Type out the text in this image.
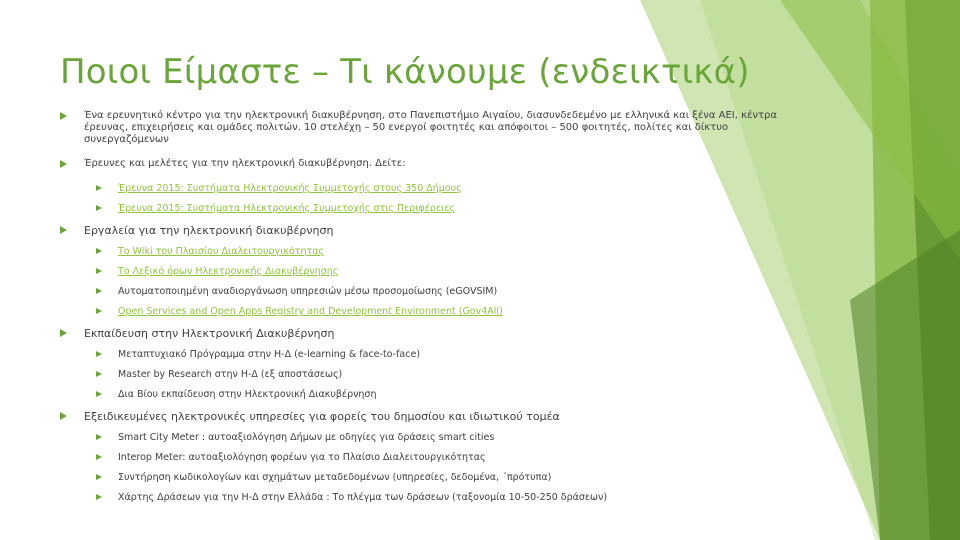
Ποιοι Είμαστε – Τι κάνουμε (ενδεικτικά)
Ένα ερευνητικό κέντρο για την ηλεκτρονική διακυβέρνηση, στο Πανεπιστήμιο Αιγαίου, διασυνδεδεμένο με ελληνικά και ξένα ΑΕΙ, κέντρα έρευνας, επιχειρήσεις και ομάδες πολιτών. 10 στελέχη – 50 ενεργοί φοιτητές και απόφοιτοι – 500 φοιτητές, πολίτες και δίκτυο συνεργαζόμενων
Έρευνες και μελέτες για την ηλεκτρονική διακυβέρνηση. Δείτε:
Έρευνα 2015: Συστήματα Ηλεκτρονικής Συμμετοχής στους 350 Δήμους
Έρευνα 2015: Συστήματα Ηλεκτρονικής Συμμετοχής στις Περιφέρειες
Εργαλεία για την ηλεκτρονική διακυβέρνηση
Το Wiki του Πλαισίου Διαλειτουργικότητας
Το Λεξικό όρων Ηλεκτρονικής Διακυβέρνησης
Αυτοματοποιημένη αναδιοργάνωση υπηρεσιών μέσω προσομοίωσης (eGOVSIM)
Open Services and Open Apps Registry and Development Environment (Gov4All)
Εκπαίδευση στην Ηλεκτρονική Διακυβέρνηση
Μεταπτυχιακό Πρόγραμμα στην Η-Δ (e-learning & face-to-face)
Master by Research στην Η-Δ (εξ αποστάσεως)
Δια Βίου εκπαίδευση στην Ηλεκτρονική Διακυβέρνηση
Εξειδικευμένες ηλεκτρονικές υπηρεσίες για φορείς του δημοσίου και ιδιωτικού τομέα
Smart City Meter : αυτοαξιολόγηση Δήμων με οδηγίες για δράσεις smart cities
Interop Meter: αυτοαξιολόγηση φορέων για το Πλαίσιο Διαλειτουργικότητας
Συντήρηση κωδικολογίων και σχημάτων μεταδεδομένων (υπηρεσίες, δεδομένα, ΄πρότυπα)
Χάρτης Δράσεων για την Η-Δ στην Ελλάδα : Το πλέγμα των δράσεων (ταξονομία 10-50-250 δράσεων)
